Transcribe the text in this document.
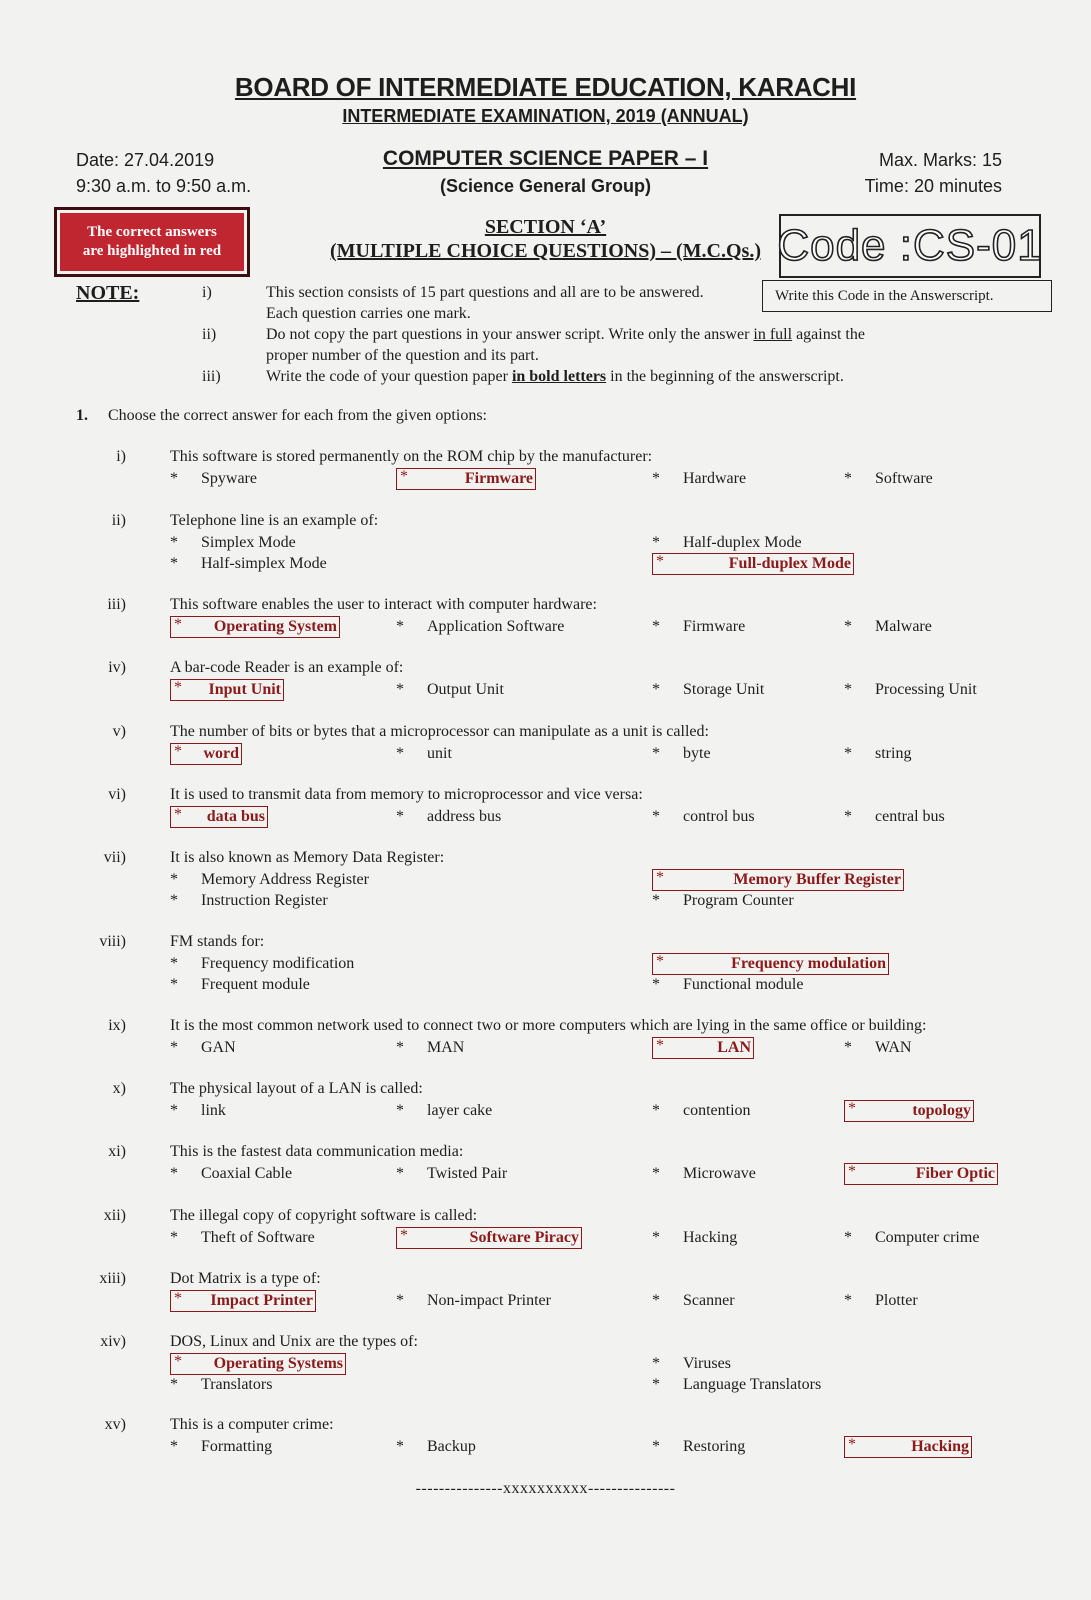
BOARD OF INTERMEDIATE EDUCATION, KARACHI
INTERMEDIATE EXAMINATION, 2019 (ANNUAL)
Date: 27.04.2019
9:30 a.m. to 9:50 a.m.
COMPUTER SCIENCE PAPER – I
(Science General Group)
Max. Marks: 15
Time: 20 minutes
The correct answers
are highlighted in red
SECTION ‘A’
(MULTIPLE CHOICE QUESTIONS) – (M.C.Qs.) Code :CS-01
Write this Code in the Answerscript.
NOTE:	i)	This section consists of 15 part questions and all are to be answered.
Each question carries one mark.
ii)	Do not copy the part questions in your answer script. Write only the answer in full against the
proper number of the question and its part.
iii)	Write the code of your question paper in bold letters in the beginning of the answerscript.
1. Choose the correct answer for each from the given options:
i)	This software is stored permanently on the ROM chip by the manufacturer:
* Spyware	*	Firmware	* Hardware	* Software
ii)	Telephone line is an example of:
* Simplex Mode	* Half-duplex Mode
* Half-simplex Mode	*	Full-duplex Mode
iii)	This software enables the user to interact with computer hardware:
* Operating System	* Application Software	* Firmware	* Malware
iv)	A bar-code Reader is an example of:
* Input Unit	* Output Unit	* Storage Unit	* Processing Unit
v)	The number of bits or bytes that a microprocessor can manipulate as a unit is called:
* word	* unit	* byte	* string
vi)	It is used to transmit data from memory to microprocessor and vice versa:
* data bus	* address bus	* control bus	* central bus
vii)	It is also known as Memory Data Register:
* Memory Address Register	*	Memory Buffer Register
* Instruction Register	* Program Counter
viii)	FM stands for:
* Frequency modification	*	Frequency modulation
* Frequent module	* Functional module
ix)	It is the most common network used to connect two or more computers which are lying in the same office or building:
* GAN	* MAN	*	LAN	* WAN
x)	The physical layout of a LAN is called:
* link	* layer cake	* contention	*	topology
xi)	This is the fastest data communication media:
* Coaxial Cable	* Twisted Pair	* Microwave	*	Fiber Optic
xii)	The illegal copy of copyright software is called:
* Theft of Software	*	Software Piracy	* Hacking	* Computer crime
xiii)	Dot Matrix is a type of:
* Impact Printer	* Non-impact Printer	* Scanner	* Plotter
xiv)	DOS, Linux and Unix are the types of:
* Operating Systems	* Viruses
* Translators	* Language Translators
xv)	This is a computer crime:
* Formatting	* Backup	* Restoring	*	Hacking
---------------xxxxxxxxxx---------------
